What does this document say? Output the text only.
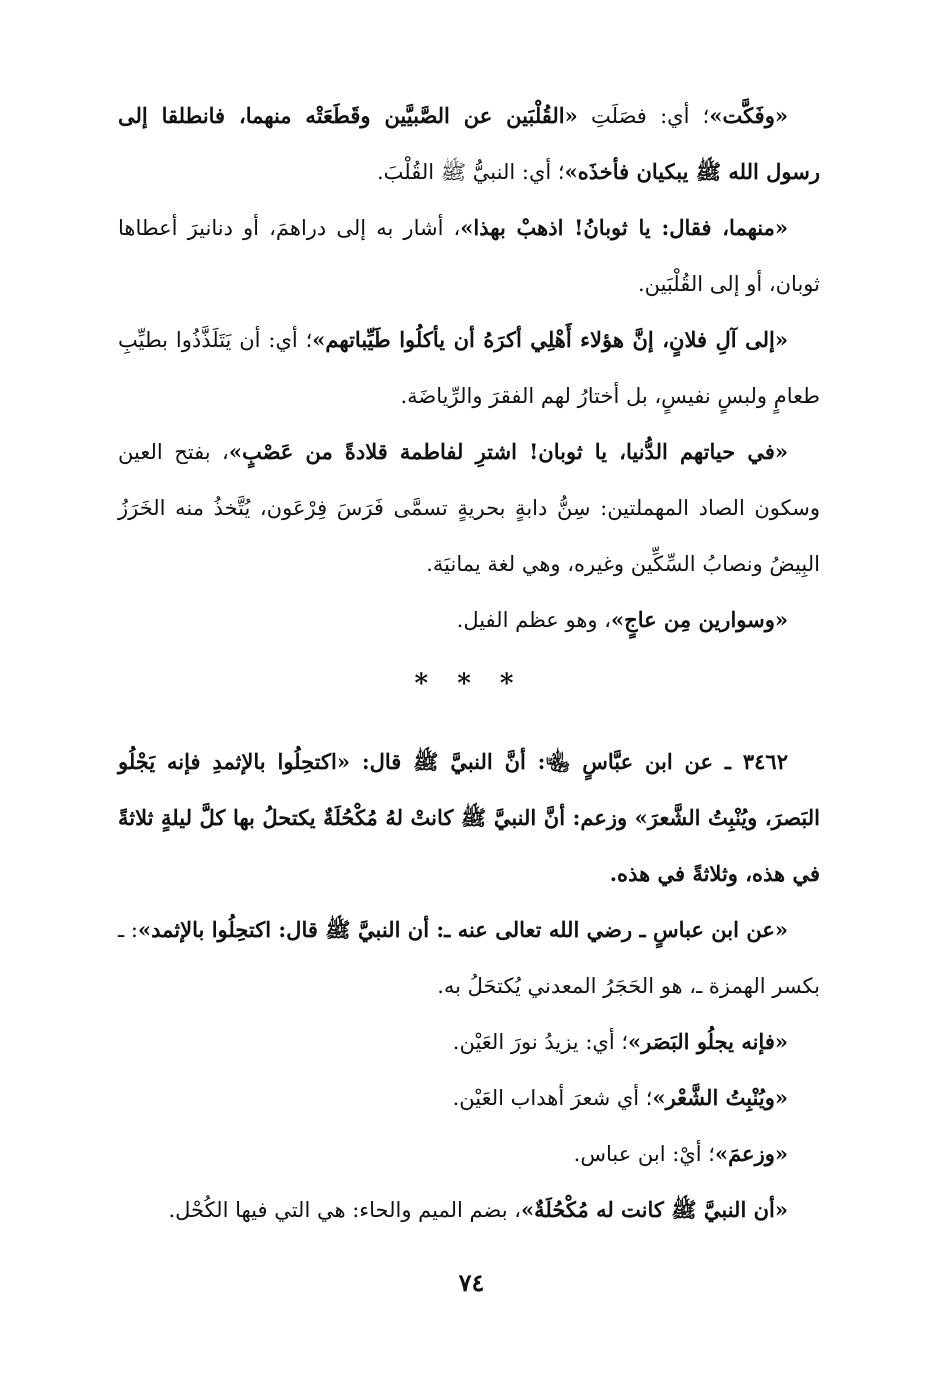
«وفَكَّت»؛ أي: فصَلَتِ «القُلْبَين عن الصَّبيَّين وقَطَعَتْه منهما، فانطلقا إلى رسول الله ﷺ يبكيان فأخذَه»؛ أي: النبيُّ ﷺ القُلْبَ.

«منهما، فقال: يا ثوبانُ! اذهبْ بهذا»، أشار به إلى دراهمَ، أو دنانيرَ أعطاها ثوبان، أو إلى القُلْبَين.

«إلى آلِ فلانٍ، إنَّ هؤلاء أَهْلِي أكرَهُ أن يأكلُوا طَيِّباتهم»؛ أي: أن يَتَلَذَّذُوا بطيِّبِ طعامٍ ولبسٍ نفيسٍ، بل أختارُ لهم الفقرَ والرِّياضَة.

«في حياتهم الدُّنيا، يا ثوبان! اشترِ لفاطمة قلادةً من عَصْبٍ»، بفتح العين وسكون الصاد المهملتين: سِنُّ دابةٍ بحريةٍ تسمَّى فَرَسَ فِرْعَون، يُتَّخذُ منه الخَرَزُ البِيضُ ونصابُ السِّكِّين وغيره، وهي لغة يمانيَة.

«وسوارين مِن عاجٍ»، وهو عظم الفيل.

* * *

٣٤٦٢ ـ عن ابن عبَّاسٍ ﵄: أنَّ النبيَّ ﷺ قال: «اكتحِلُوا بالإثمدِ فإنه يَجْلُو البَصرَ، ويُنْبِتُ الشَّعرَ» وزعم: أنَّ النبيَّ ﷺ كانتْ لهُ مُكْحُلَةٌ يكتحلُ بها كلَّ ليلةٍ ثلاثةً في هذه، وثلاثةً في هذه.

«عن ابن عباسٍ ـ رضي الله تعالى عنه ـ: أن النبيَّ ﷺ قال: اكتحِلُوا بالإثمد»: ـ بكسر الهمزة ـ، هو الحَجَرُ المعدني يُكتحَلُ به.

«فإنه يجلُو البَصَر»؛ أي: يزيدُ نورَ العَيْن.

«ويُنْبِتُ الشَّعْر»؛ أي شعرَ أهداب العَيْن.

«وزعمَ»؛ أيْ: ابن عباس.

«أن النبيَّ ﷺ كانت له مُكْحُلَةٌ»، بضم الميم والحاء: هي التي فيها الكُحْل.

٧٤
